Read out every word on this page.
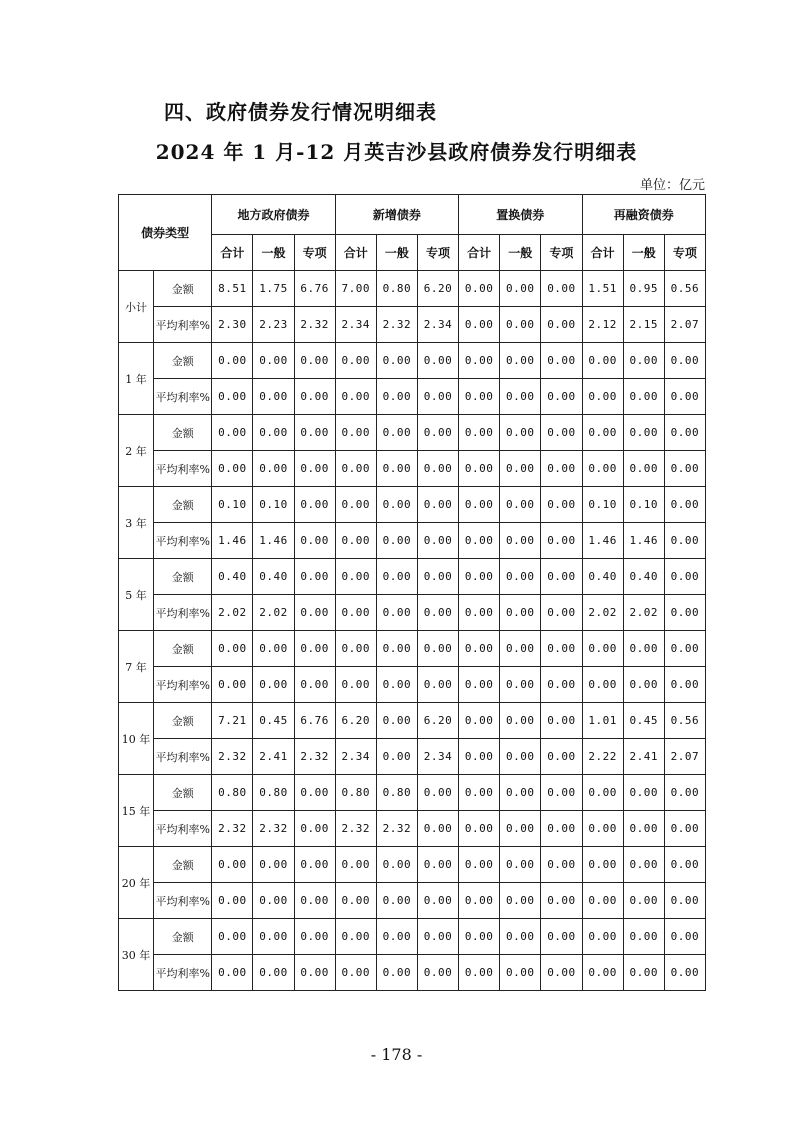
四、政府债券发行情况明细表
2024 年 1 月-12 月英吉沙县政府债券发行明细表
单位：亿元
债券类型		地方政府债券			新增债券			置换债券			再融资债券		
		合计	一般	专项	合计	一般	专项	合计	一般	专项	合计	一般	专项
小计	金额	8.51	1.75	6.76	7.00	0.80	6.20	0.00	0.00	0.00	1.51	0.95	0.56
	平均利率%	2.30	2.23	2.32	2.34	2.32	2.34	0.00	0.00	0.00	2.12	2.15	2.07
1 年	金额	0.00	0.00	0.00	0.00	0.00	0.00	0.00	0.00	0.00	0.00	0.00	0.00
	平均利率%	0.00	0.00	0.00	0.00	0.00	0.00	0.00	0.00	0.00	0.00	0.00	0.00
2 年	金额	0.00	0.00	0.00	0.00	0.00	0.00	0.00	0.00	0.00	0.00	0.00	0.00
	平均利率%	0.00	0.00	0.00	0.00	0.00	0.00	0.00	0.00	0.00	0.00	0.00	0.00
3 年	金额	0.10	0.10	0.00	0.00	0.00	0.00	0.00	0.00	0.00	0.10	0.10	0.00
	平均利率%	1.46	1.46	0.00	0.00	0.00	0.00	0.00	0.00	0.00	1.46	1.46	0.00
5 年	金额	0.40	0.40	0.00	0.00	0.00	0.00	0.00	0.00	0.00	0.40	0.40	0.00
	平均利率%	2.02	2.02	0.00	0.00	0.00	0.00	0.00	0.00	0.00	2.02	2.02	0.00
7 年	金额	0.00	0.00	0.00	0.00	0.00	0.00	0.00	0.00	0.00	0.00	0.00	0.00
	平均利率%	0.00	0.00	0.00	0.00	0.00	0.00	0.00	0.00	0.00	0.00	0.00	0.00
10 年	金额	7.21	0.45	6.76	6.20	0.00	6.20	0.00	0.00	0.00	1.01	0.45	0.56
	平均利率%	2.32	2.41	2.32	2.34	0.00	2.34	0.00	0.00	0.00	2.22	2.41	2.07
15 年	金额	0.80	0.80	0.00	0.80	0.80	0.00	0.00	0.00	0.00	0.00	0.00	0.00
	平均利率%	2.32	2.32	0.00	2.32	2.32	0.00	0.00	0.00	0.00	0.00	0.00	0.00
20 年	金额	0.00	0.00	0.00	0.00	0.00	0.00	0.00	0.00	0.00	0.00	0.00	0.00
	平均利率%	0.00	0.00	0.00	0.00	0.00	0.00	0.00	0.00	0.00	0.00	0.00	0.00
30 年	金额	0.00	0.00	0.00	0.00	0.00	0.00	0.00	0.00	0.00	0.00	0.00	0.00
	平均利率%	0.00	0.00	0.00	0.00	0.00	0.00	0.00	0.00	0.00	0.00	0.00	0.00
- 178 -
